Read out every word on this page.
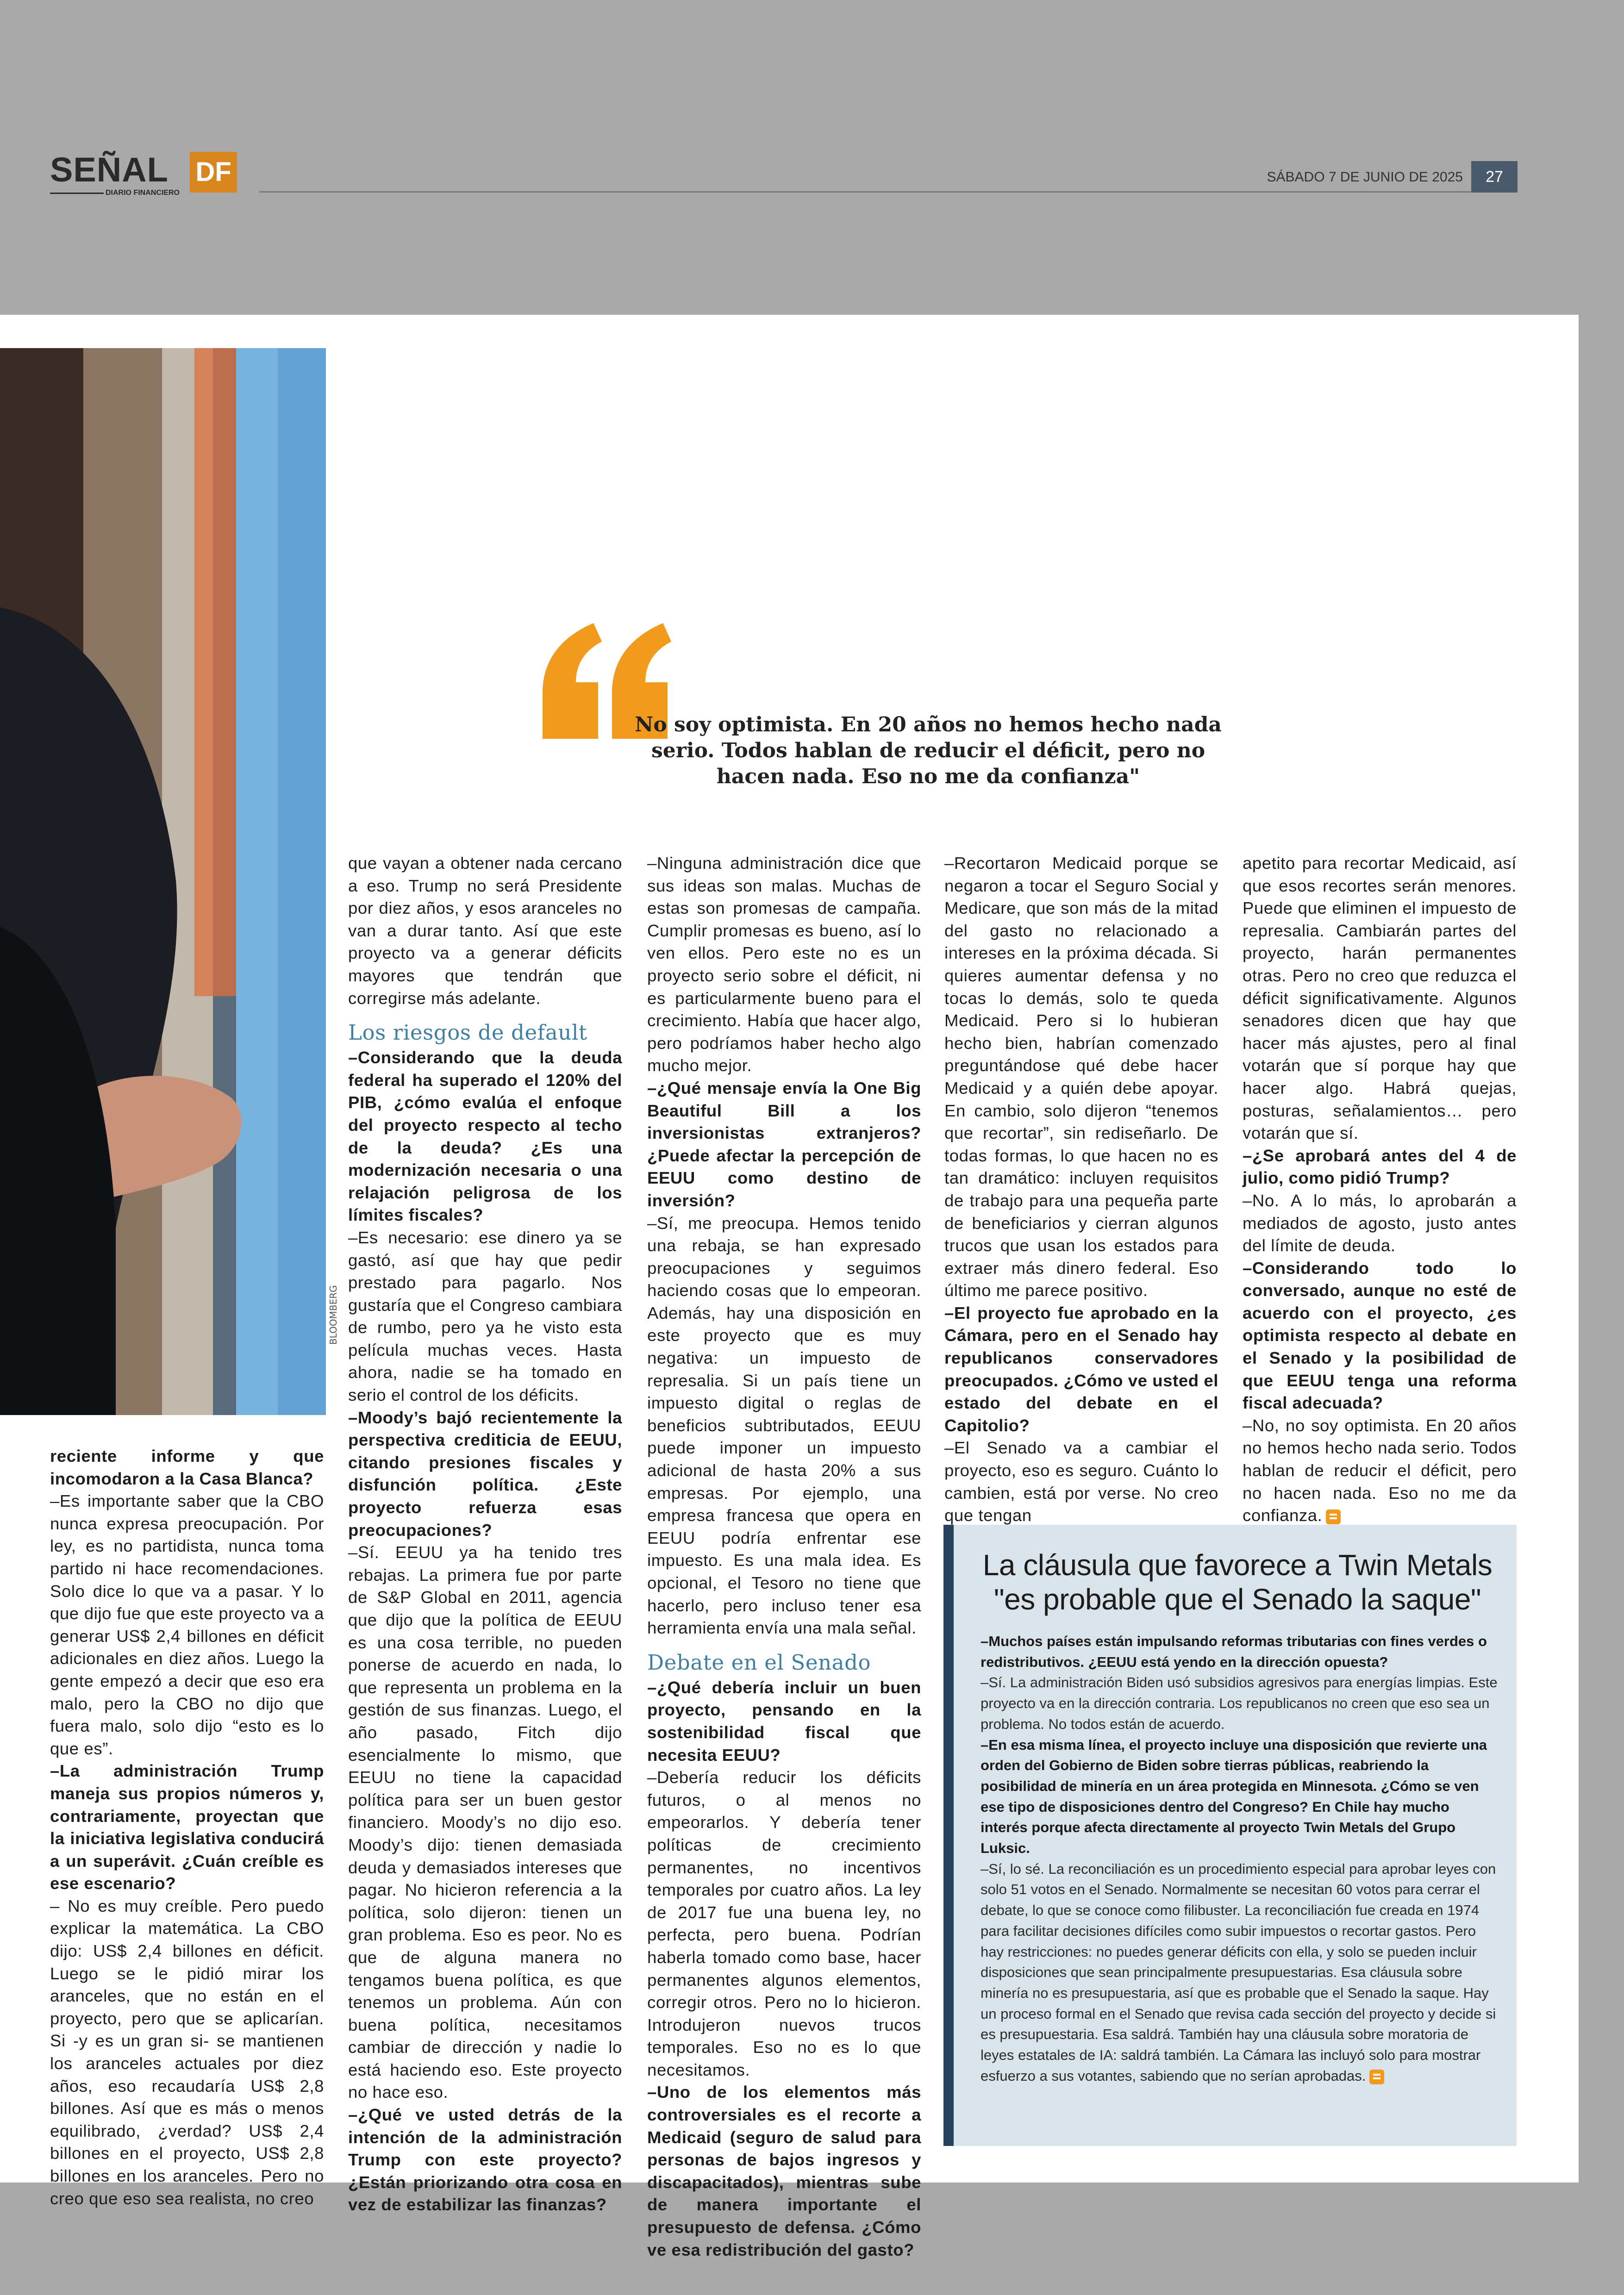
SEÑAL
DIARIO FINANCIERO
DF	SÁBADO 7 DE JUNIO DE 2025	27
BLOOMBERG
No soy optimista. En 20 años no hemos hecho nada serio. Todos hablan de reducir el déficit, pero no hacen nada. Eso no me da confianza"

reciente informe y que incomodaron a la Casa Blanca?

–Es importante saber que la CBO nunca expresa preocupación. Por ley, es no partidista, nunca toma partido ni hace recomendaciones. Solo dice lo que va a pasar. Y lo que dijo fue que este proyecto va a generar US$ 2,4 billones en déficit adicionales en diez años. Luego la gente empezó a decir que eso era malo, pero la CBO no dijo que fuera malo, solo dijo “esto es lo que es”.

–La administración Trump maneja sus propios números y, contrariamente, proyectan que la iniciativa legislativa conducirá a un superávit. ¿Cuán creíble es ese escenario?

– No es muy creíble. Pero puedo explicar la matemática. La CBO dijo: US$ 2,4 billones en déficit. Luego se le pidió mirar los aranceles, que no están en el proyecto, pero que se aplicarían. Si -y es un gran si- se mantienen los aranceles actuales por diez años, eso recaudaría US$ 2,8 billones. Así que es más o menos equilibrado, ¿verdad? US$ 2,4 billones en el proyecto, US$ 2,8 billones en los aranceles. Pero no creo que eso sea realista, no creo

que vayan a obtener nada cercano a eso. Trump no será Presidente por diez años, y esos aranceles no van a durar tanto. Así que este proyecto va a generar déficits mayores que tendrán que corregirse más adelante.

Los riesgos de default

–Considerando que la deuda federal ha superado el 120% del PIB, ¿cómo evalúa el enfoque del proyecto respecto al techo de la deuda? ¿Es una modernización necesaria o una relajación peligrosa de los límites fiscales?

–Es necesario: ese dinero ya se gastó, así que hay que pedir prestado para pagarlo. Nos gustaría que el Congreso cambiara de rumbo, pero ya he visto esta película muchas veces. Hasta ahora, nadie se ha tomado en serio el control de los déficits.

–Moody’s bajó recientemente la perspectiva crediticia de EEUU, citando presiones fiscales y disfunción política. ¿Este proyecto refuerza esas preocupaciones?

–Sí. EEUU ya ha tenido tres rebajas. La primera fue por parte de S&P Global en 2011, agencia que dijo que la política de EEUU es una cosa terrible, no pueden ponerse de acuerdo en nada, lo que representa un problema en la gestión de sus finanzas. Luego, el año pasado, Fitch dijo esencialmente lo mismo, que EEUU no tiene la capacidad política para ser un buen gestor financiero. Moody’s no dijo eso. Moody’s dijo: tienen demasiada deuda y demasiados intereses que pagar. No hicieron referencia a la política, solo dijeron: tienen un gran problema. Eso es peor. No es que de alguna manera no tengamos buena política, es que tenemos un problema. Aún con buena política, necesitamos cambiar de dirección y nadie lo está haciendo eso. Este proyecto no hace eso.

–¿Qué ve usted detrás de la intención de la administración Trump con este proyecto? ¿Están priorizando otra cosa en vez de estabilizar las finanzas?

–Ninguna administración dice que sus ideas son malas. Muchas de estas son promesas de campaña. Cumplir promesas es bueno, así lo ven ellos. Pero este no es un proyecto serio sobre el déficit, ni es particularmente bueno para el crecimiento. Había que hacer algo, pero podríamos haber hecho algo mucho mejor.

–¿Qué mensaje envía la One Big Beautiful Bill a los inversionistas extranjeros? ¿Puede afectar la percepción de EEUU como destino de inversión?

–Sí, me preocupa. Hemos tenido una rebaja, se han expresado preocupaciones y seguimos haciendo cosas que lo empeoran. Además, hay una disposición en este proyecto que es muy negativa: un impuesto de represalia. Si un país tiene un impuesto digital o reglas de beneficios subtributados, EEUU puede imponer un impuesto adicional de hasta 20% a sus empresas. Por ejemplo, una empresa francesa que opera en EEUU podría enfrentar ese impuesto. Es una mala idea. Es opcional, el Tesoro no tiene que hacerlo, pero incluso tener esa herramienta envía una mala señal.

Debate en el Senado

–¿Qué debería incluir un buen proyecto, pensando en la sostenibilidad fiscal que necesita EEUU?

–Debería reducir los déficits futuros, o al menos no empeorarlos. Y debería tener políticas de crecimiento permanentes, no incentivos temporales por cuatro años. La ley de 2017 fue una buena ley, no perfecta, pero buena. Podrían haberla tomado como base, hacer permanentes algunos elementos, corregir otros. Pero no lo hicieron. Introdujeron nuevos trucos temporales. Eso no es lo que necesitamos.

–Uno de los elementos más controversiales es el recorte a Medicaid (seguro de salud para personas de bajos ingresos y discapacitados), mientras sube de manera importante el presupuesto de defensa. ¿Cómo ve esa redistribución del gasto?

–Recortaron Medicaid porque se negaron a tocar el Seguro Social y Medicare, que son más de la mitad del gasto no relacionado a intereses en la próxima década. Si quieres aumentar defensa y no tocas lo demás, solo te queda Medicaid. Pero si lo hubieran hecho bien, habrían comenzado preguntándose qué debe hacer Medicaid y a quién debe apoyar. En cambio, solo dijeron “tenemos que recortar”, sin rediseñarlo. De todas formas, lo que hacen no es tan dramático: incluyen requisitos de trabajo para una pequeña parte de beneficiarios y cierran algunos trucos que usan los estados para extraer más dinero federal. Eso último me parece positivo.

–El proyecto fue aprobado en la Cámara, pero en el Senado hay republicanos conservadores preocupados. ¿Cómo ve usted el estado del debate en el Capitolio?

–El Senado va a cambiar el proyecto, eso es seguro. Cuánto lo cambien, está por verse. No creo que tengan

apetito para recortar Medicaid, así que esos recortes serán menores. Puede que eliminen el impuesto de represalia. Cambiarán partes del proyecto, harán permanentes otras. Pero no creo que reduzca el déficit significativamente. Algunos senadores dicen que hay que hacer más ajustes, pero al final votarán que sí porque hay que hacer algo. Habrá quejas, posturas, señalamientos… pero votarán que sí.

–¿Se aprobará antes del 4 de julio, como pidió Trump?

–No. A lo más, lo aprobarán a mediados de agosto, justo antes del límite de deuda.

–Considerando todo lo conversado, aunque no esté de acuerdo con el proyecto, ¿es optimista respecto al debate en el Senado y la posibilidad de que EEUU tenga una reforma fiscal adecuada?

–No, no soy optimista. En 20 años no hemos hecho nada serio. Todos hablan de reducir el déficit, pero no hacen nada. Eso no me da confianza.

La cláusula que favorece a Twin Metals
"es probable que el Senado la saque"

–Muchos países están impulsando reformas tributarias con fines verdes o redistributivos. ¿EEUU está yendo en la dirección opuesta?

–Sí. La administración Biden usó subsidios agresivos para energías limpias. Este proyecto va en la dirección contraria. Los republicanos no creen que eso sea un problema. No todos están de acuerdo.

–En esa misma línea, el proyecto incluye una disposición que revierte una orden del Gobierno de Biden sobre tierras públicas, reabriendo la posibilidad de minería en un área protegida en Minnesota. ¿Cómo se ven ese tipo de disposiciones dentro del Congreso? En Chile hay mucho interés porque afecta directamente al proyecto Twin Metals del Grupo Luksic.

–Sí, lo sé. La reconciliación es un procedimiento especial para aprobar leyes con solo 51 votos en el Senado. Normalmente se necesitan 60 votos para cerrar el debate, lo que se conoce como filibuster. La reconciliación fue creada en 1974 para facilitar decisiones difíciles como subir impuestos o recortar gastos. Pero hay restricciones: no puedes generar déficits con ella, y solo se pueden incluir disposiciones que sean principalmente presupuestarias. Esa cláusula sobre minería no es presupuestaria, así que es probable que el Senado la saque. Hay un proceso formal en el Senado que revisa cada sección del proyecto y decide si es presupuestaria. Esa saldrá. También hay una cláusula sobre moratoria de leyes estatales de IA: saldrá también. La Cámara las incluyó solo para mostrar esfuerzo a sus votantes, sabiendo que no serían aprobadas.
